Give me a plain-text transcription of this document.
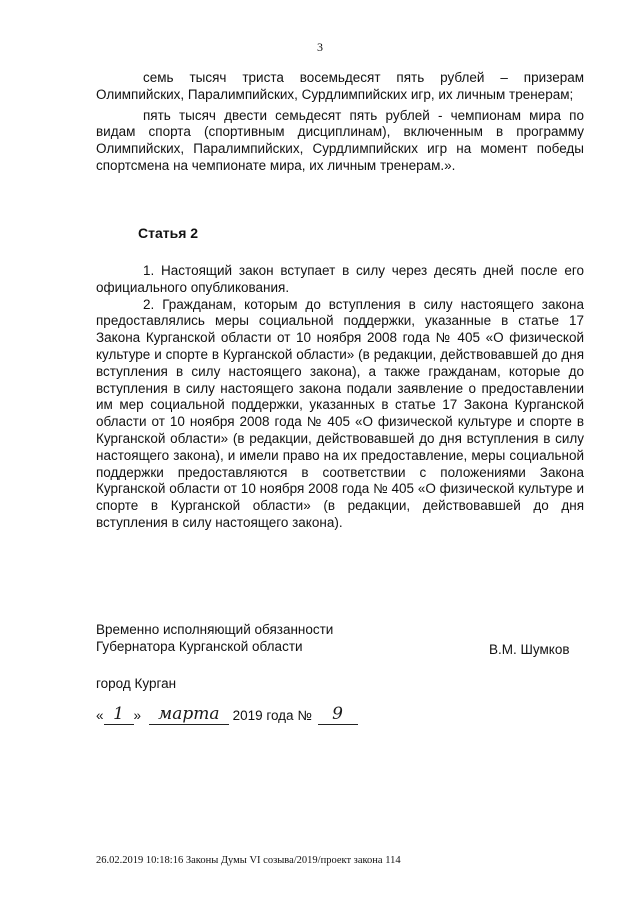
3

семь тысяч триста восемьдесят пять рублей – призерам Олимпийских, Паралимпийских, Сурдлимпийских игр, их личным тренерам;

пять тысяч двести семьдесят пять рублей - чемпионам мира по видам спорта (спортивным дисциплинам), включенным в программу Олимпийских, Паралимпийских, Сурдлимпийских игр на момент победы спортсмена на чемпионате мира, их личным тренерам.».

Статья 2

1. Настоящий закон вступает в силу через десять дней после его официального опубликования.

2. Гражданам, которым до вступления в силу настоящего закона предоставлялись меры социальной поддержки, указанные в статье 17 Закона Курганской области от 10 ноября 2008 года № 405 «О физической культуре и спорте в Курганской области» (в редакции, действовавшей до дня вступления в силу настоящего закона), а также гражданам, которые до вступления в силу настоящего закона подали заявление о предоставлении им мер социальной поддержки, указанных в статье 17 Закона Курганской области от 10 ноября 2008 года № 405 «О физической культуре и спорте в Курганской области» (в редакции, действовавшей до дня вступления в силу настоящего закона), и имели право на их предоставление, меры социальной поддержки предоставляются в соответствии с положениями Закона Курганской области от 10 ноября 2008 года № 405 «О физической культуре и спорте в Курганской области» (в редакции, действовавшей до дня вступления в силу настоящего закона).

Временно исполняющий обязанности
Губернатора Курганской области	В.М. Шумков
город Курган
« 1 » марта 2019 года № 9
26.02.2019 10:18:16 Законы Думы VI созыва/2019/проект закона 114
